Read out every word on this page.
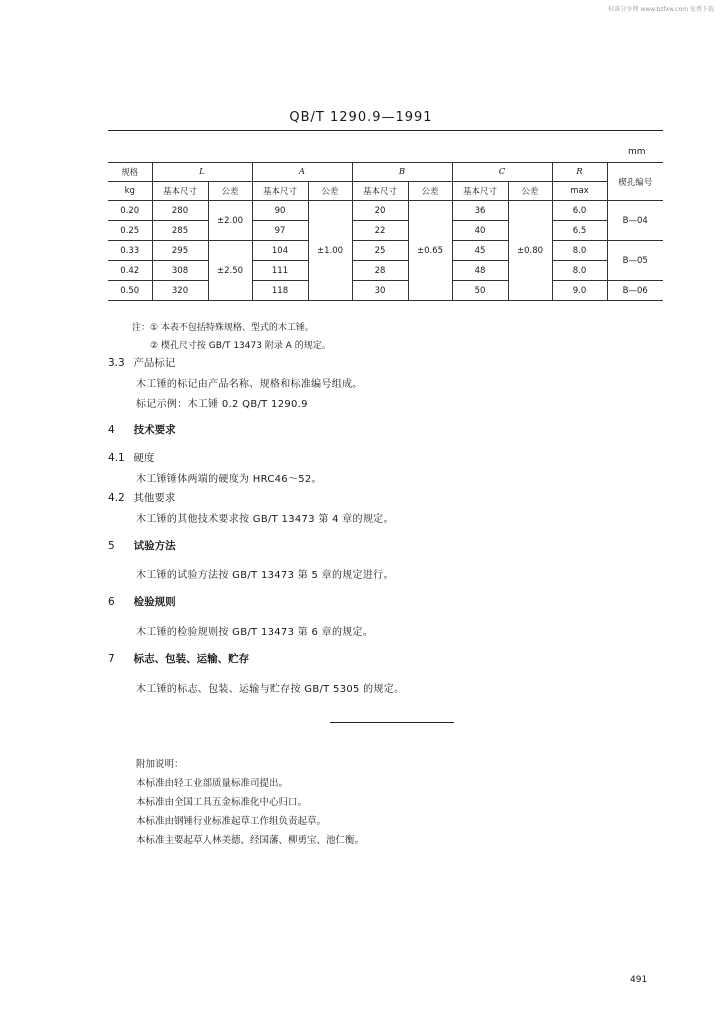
标准分享网 www.bzfxw.com 免费下载
QB/T 1290.9—1991
mm
规格	L		A		B		C		R	楔孔编号
kg	基本尺寸	公差	基本尺寸	公差	基本尺寸	公差	基本尺寸	公差	max	
0.20	280	±2.00	90	±1.00	20	±0.65	36	±0.80	6.0	B—04
0.25	285		97		22		40		6.5	
0.33	295	±2.50	104		25		45		8.0	B—05
0.42	308		111		28		48		8.0	
0.50	320		118		30		50		9.0	B—06
注：① 本表不包括特殊规格、型式的木工锤。
② 楔孔尺寸按 GB/T 13473 附录 A 的规定。
3.3 产品标记
木工锤的标记由产品名称、规格和标准编号组成。
标记示例：木工锤 0.2 QB/T 1290.9
4 技术要求
4.1 硬度
木工锤锤体两端的硬度为 HRC46～52。
4.2 其他要求
木工锤的其他技术要求按 GB/T 13473 第 4 章的规定。
5 试验方法
木工锤的试验方法按 GB/T 13473 第 5 章的规定进行。
6 检验规则
木工锤的检验规则按 GB/T 13473 第 6 章的规定。
7 标志、包装、运输、贮存
木工锤的标志、包装、运输与贮存按 GB/T 5305 的规定。
附加说明：
本标准由轻工业部质量标准司提出。
本标准由全国工具五金标准化中心归口。
本标准由钢锤行业标准起草工作组负责起草。
本标准主要起草人林美德、经国藩、柳勇宝、池仁衡。
491
